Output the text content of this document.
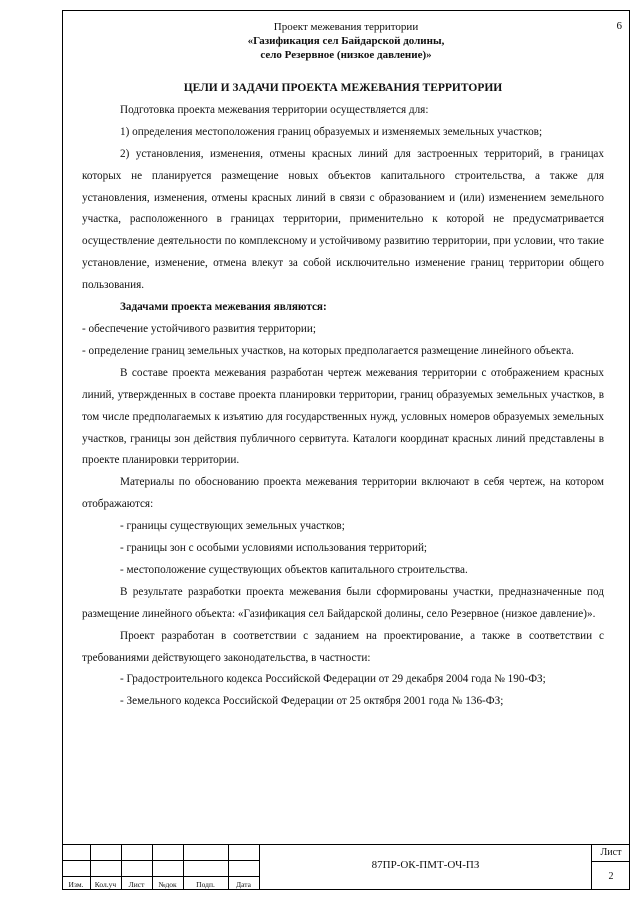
6
Проект межевания территории
«Газификация сел Байдарской долины,
село Резервное (низкое давление)»

ЦЕЛИ И ЗАДАЧИ ПРОЕКТА МЕЖЕВАНИЯ ТЕРРИТОРИИ

Подготовка проекта межевания территории осуществляется для:

1) определения местоположения границ образуемых и изменяемых земельных участков;

2) установления, изменения, отмены красных линий для застроенных территорий, в границах которых не планируется размещение новых объектов капитального строительства, а также для установления, изменения, отмены красных линий в связи с образованием и (или) изменением земельного участка, расположенного в границах территории, применительно к которой не предусматривается осуществление деятельности по комплексному и устойчивому развитию территории, при условии, что такие установление, изменение, отмена влекут за собой исключительно изменение границ территории общего пользования.

Задачами проекта межевания являются:

- обеспечение устойчивого развития территории;

- определение границ земельных участков, на которых предполагается размещение линейного объекта.

В составе проекта межевания разработан чертеж межевания территории с отображением красных линий, утвержденных в составе проекта планировки территории, границ образуемых земельных участков, в том числе предполагаемых к изъятию для государственных нужд, условных номеров образуемых земельных участков, границы зон действия публичного сервитута. Каталоги координат красных линий представлены в проекте планировки территории.

Материалы по обоснованию проекта межевания территории включают в себя чертеж, на котором отображаются:

- границы существующих земельных участков;

- границы зон с особыми условиями использования территорий;

- местоположение существующих объектов капитального строительства.

В результате разработки проекта межевания были сформированы участки, предназначенные под размещение линейного объекта: «Газификация сел Байдарской долины, село Резервное (низкое давление)».

Проект разработан в соответствии с заданием на проектирование, а также в соответствии с требованиями действующего законодательства, в частности:

- Градостроительного кодекса Российской Федерации от 29 декабря 2004 года № 190-ФЗ;

- Земельного кодекса Российской Федерации от 25 октября 2001 года № 136-ФЗ;

Изм.	Кол.уч	Лист	№док	Подп.	Дата
87ПР-ОК-ПМТ-ОЧ-ПЗ
Лист
2
